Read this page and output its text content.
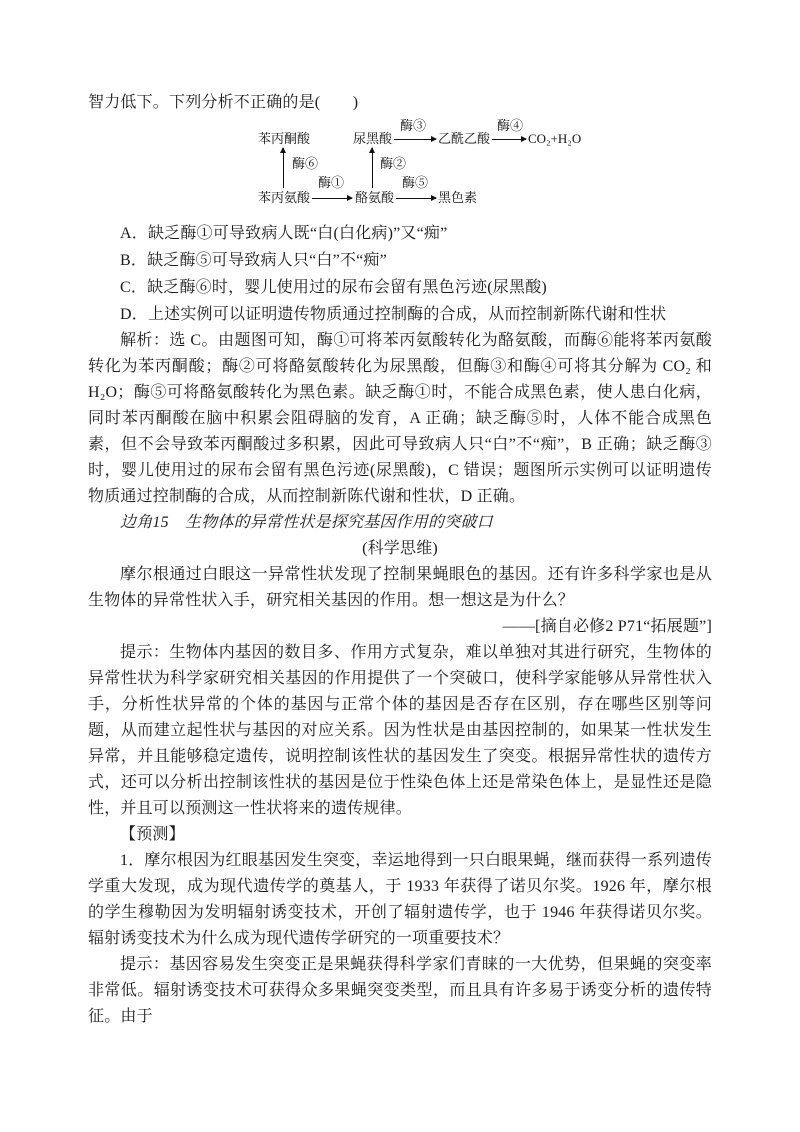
智力低下。下列分析不正确的是(　　)

苯丙酮酸	尿黑酸
酶③
乙酰乙酸
酶④
CO₂+H₂O
酶⑥	酶②
苯丙氨酸
酶①
酪氨酸
酶⑤
黑色素

A．缺乏酶①可导致病人既“白(白化病)”又“痴”

B．缺乏酶⑤可导致病人只“白”不“痴”

C．缺乏酶⑥时，婴儿使用过的尿布会留有黑色污迹(尿黑酸)

D．上述实例可以证明遗传物质通过控制酶的合成，从而控制新陈代谢和性状

解析：选 C。由题图可知，酶①可将苯丙氨酸转化为酪氨酸，而酶⑥能将苯丙氨酸转化为苯丙酮酸；酶②可将酪氨酸转化为尿黑酸，但酶③和酶④可将其分解为 CO₂ 和 H₂O；酶⑤可将酪氨酸转化为黑色素。缺乏酶①时，不能合成黑色素，使人患白化病，同时苯丙酮酸在脑中积累会阻碍脑的发育，A 正确；缺乏酶⑤时，人体不能合成黑色素，但不会导致苯丙酮酸过多积累，因此可导致病人只“白”不“痴”，B 正确；缺乏酶③时，婴儿使用过的尿布会留有黑色污迹(尿黑酸)，C 错误；题图所示实例可以证明遗传物质通过控制酶的合成，从而控制新陈代谢和性状，D 正确。

边角15　生物体的异常性状是探究基因作用的突破口

(科学思维)

摩尔根通过白眼这一异常性状发现了控制果蝇眼色的基因。还有许多科学家也是从生物体的异常性状入手，研究相关基因的作用。想一想这是为什么？

——[摘自必修2 P71“拓展题”]

提示：生物体内基因的数目多、作用方式复杂，难以单独对其进行研究，生物体的异常性状为科学家研究相关基因的作用提供了一个突破口，使科学家能够从异常性状入手，分析性状异常的个体的基因与正常个体的基因是否存在区别，存在哪些区别等问题，从而建立起性状与基因的对应关系。因为性状是由基因控制的，如果某一性状发生异常，并且能够稳定遗传，说明控制该性状的基因发生了突变。根据异常性状的遗传方式，还可以分析出控制该性状的基因是位于性染色体上还是常染色体上，是显性还是隐性，并且可以预测这一性状将来的遗传规律。

【预测】

1．摩尔根因为红眼基因发生突变，幸运地得到一只白眼果蝇，继而获得一系列遗传学重大发现，成为现代遗传学的奠基人，于 1933 年获得了诺贝尔奖。1926 年，摩尔根的学生穆勒因为发明辐射诱变技术，开创了辐射遗传学，也于 1946 年获得诺贝尔奖。辐射诱变技术为什么成为现代遗传学研究的一项重要技术？

提示：基因容易发生突变正是果蝇获得科学家们青睐的一大优势，但果蝇的突变率非常低。辐射诱变技术可获得众多果蝇突变类型，而且具有许多易于诱变分析的遗传特征。由于
